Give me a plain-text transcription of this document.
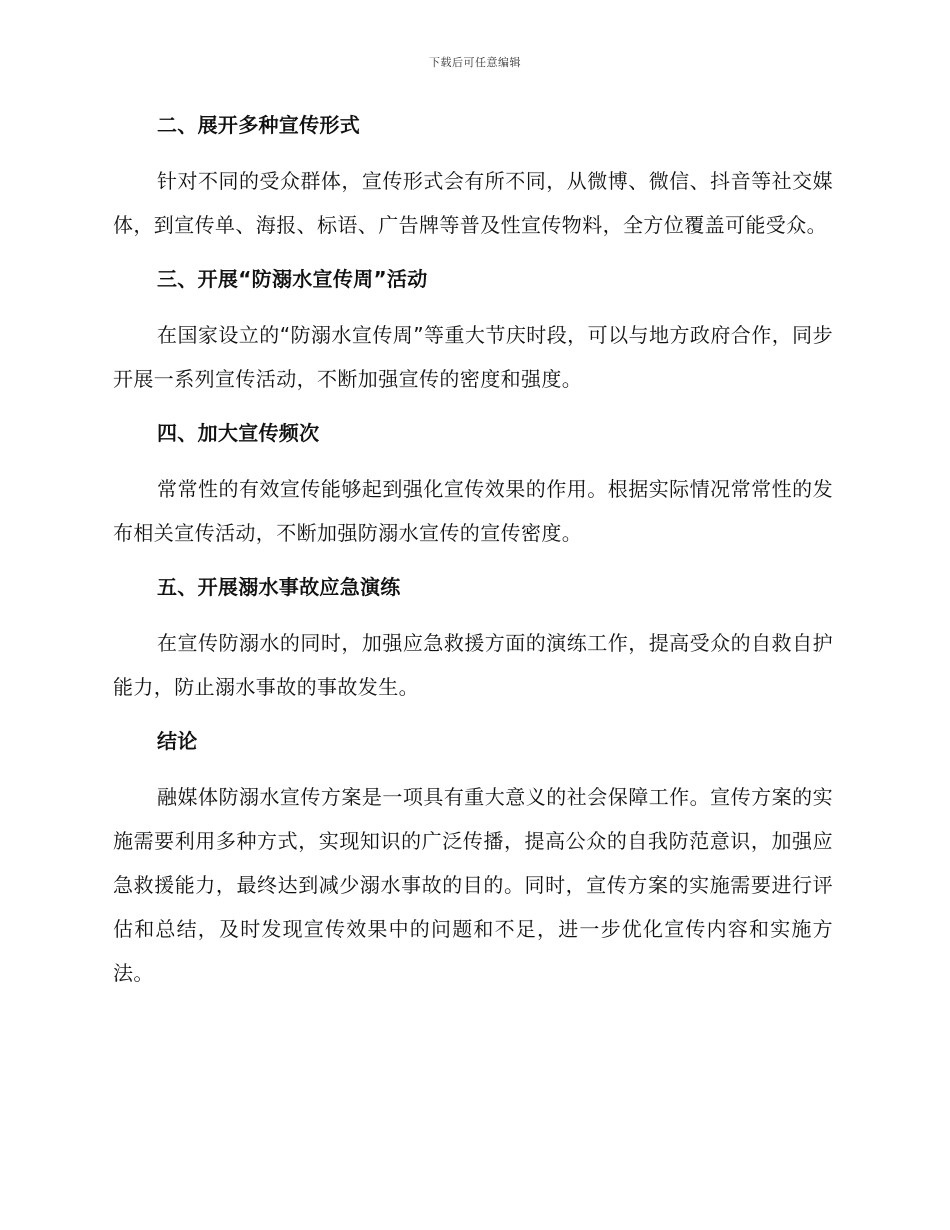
下载后可任意编辑
二、展开多种宣传形式

针对不同的受众群体，宣传形式会有所不同，从微博、微信、抖音等社交媒体，到宣传单、海报、标语、广告牌等普及性宣传物料，全方位覆盖可能受众。

三、开展“防溺水宣传周”活动

在国家设立的“防溺水宣传周”等重大节庆时段，可以与地方政府合作，同步开展一系列宣传活动，不断加强宣传的密度和强度。

四、加大宣传频次

常常性的有效宣传能够起到强化宣传效果的作用。根据实际情况常常性的发布相关宣传活动，不断加强防溺水宣传的宣传密度。

五、开展溺水事故应急演练

在宣传防溺水的同时，加强应急救援方面的演练工作，提高受众的自救自护能力，防止溺水事故的事故发生。

结论

融媒体防溺水宣传方案是一项具有重大意义的社会保障工作。宣传方案的实施需要利用多种方式，实现知识的广泛传播，提高公众的自我防范意识，加强应急救援能力，最终达到减少溺水事故的目的。同时，宣传方案的实施需要进行评估和总结，及时发现宣传效果中的问题和不足，进一步优化宣传内容和实施方法。
